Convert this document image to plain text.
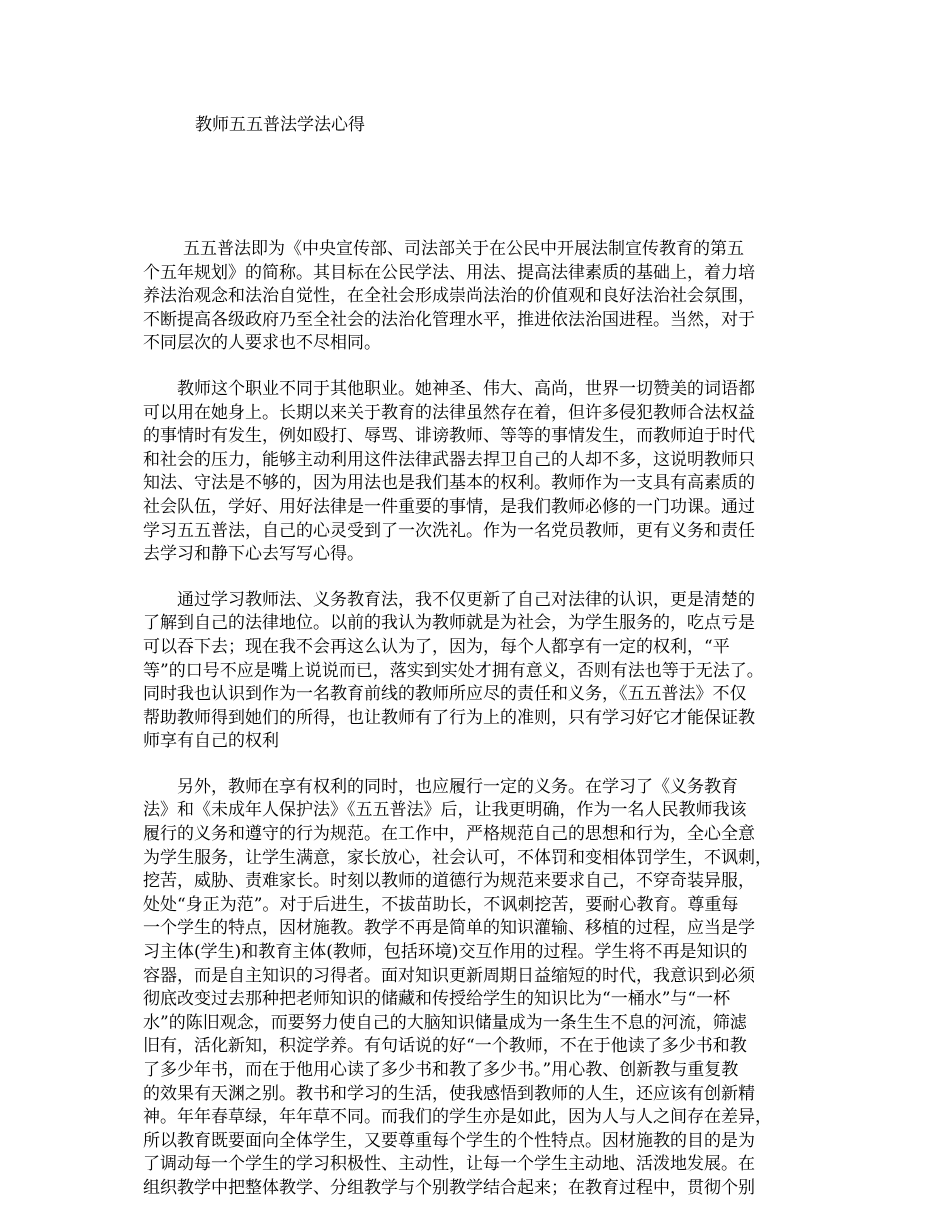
教师五五普法学法心得

五五普法即为《中央宣传部、司法部关于在公民中开展法制宣传教育的第五
个五年规划》的简称。其目标在公民学法、用法、提高法律素质的基础上，着力培
养法治观念和法治自觉性，在全社会形成崇尚法治的价值观和良好法治社会氛围，
不断提高各级政府乃至全社会的法治化管理水平，推进依法治国进程。当然，对于
不同层次的人要求也不尽相同。

教师这个职业不同于其他职业。她神圣、伟大、高尚，世界一切赞美的词语都
可以用在她身上。长期以来关于教育的法律虽然存在着，但许多侵犯教师合法权益
的事情时有发生，例如殴打、辱骂、诽谤教师、等等的事情发生，而教师迫于时代
和社会的压力，能够主动利用这件法律武器去捍卫自己的人却不多，这说明教师只
知法、守法是不够的，因为用法也是我们基本的权利。教师作为一支具有高素质的
社会队伍，学好、用好法律是一件重要的事情，是我们教师必修的一门功课。通过
学习五五普法，自己的心灵受到了一次洗礼。作为一名党员教师，更有义务和责任
去学习和静下心去写写心得。

通过学习教师法、义务教育法，我不仅更新了自己对法律的认识，更是清楚的
了解到自己的法律地位。以前的我认为教师就是为社会，为学生服务的，吃点亏是
可以吞下去；现在我不会再这么认为了，因为，每个人都享有一定的权利，“平
等”的口号不应是嘴上说说而已，落实到实处才拥有意义，否则有法也等于无法了。
同时我也认识到作为一名教育前线的教师所应尽的责任和义务，《五五普法》不仅
帮助教师得到她们的所得，也让教师有了行为上的准则，只有学习好它才能保证教
师享有自己的权利

另外，教师在享有权利的同时，也应履行一定的义务。在学习了《义务教育
法》和《未成年人保护法》《五五普法》后，让我更明确，作为一名人民教师我该
履行的义务和遵守的行为规范。在工作中，严格规范自己的思想和行为，全心全意
为学生服务，让学生满意，家长放心，社会认可，不体罚和变相体罚学生，不讽刺，
挖苦，威胁、责难家长。时刻以教师的道德行为规范来要求自己，不穿奇装异服，
处处“身正为范”。对于后进生，不拔苗助长，不讽刺挖苦，要耐心教育。尊重每
一个学生的特点，因材施教。教学不再是简单的知识灌输、移植的过程，应当是学
习主体(学生)和教育主体(教师，包括环境)交互作用的过程。学生将不再是知识的
容器，而是自主知识的习得者。面对知识更新周期日益缩短的时代，我意识到必须
彻底改变过去那种把老师知识的储藏和传授给学生的知识比为“一桶水”与“一杯
水”的陈旧观念，而要努力使自己的大脑知识储量成为一条生生不息的河流，筛滤
旧有，活化新知，积淀学养。有句话说的好“一个教师，不在于他读了多少书和教
了多少年书，而在于他用心读了多少书和教了多少书。”用心教、创新教与重复教
的效果有天渊之别。教书和学习的生活，使我感悟到教师的人生，还应该有创新精
神。年年春草绿，年年草不同。而我们的学生亦是如此，因为人与人之间存在差异，
所以教育既要面向全体学生，又要尊重每个学生的个性特点。因材施教的目的是为
了调动每一个学生的学习积极性、主动性，让每一个学生主动地、活泼地发展。在
组织教学中把整体教学、分组教学与个别教学结合起来；在教育过程中，贯彻个别
